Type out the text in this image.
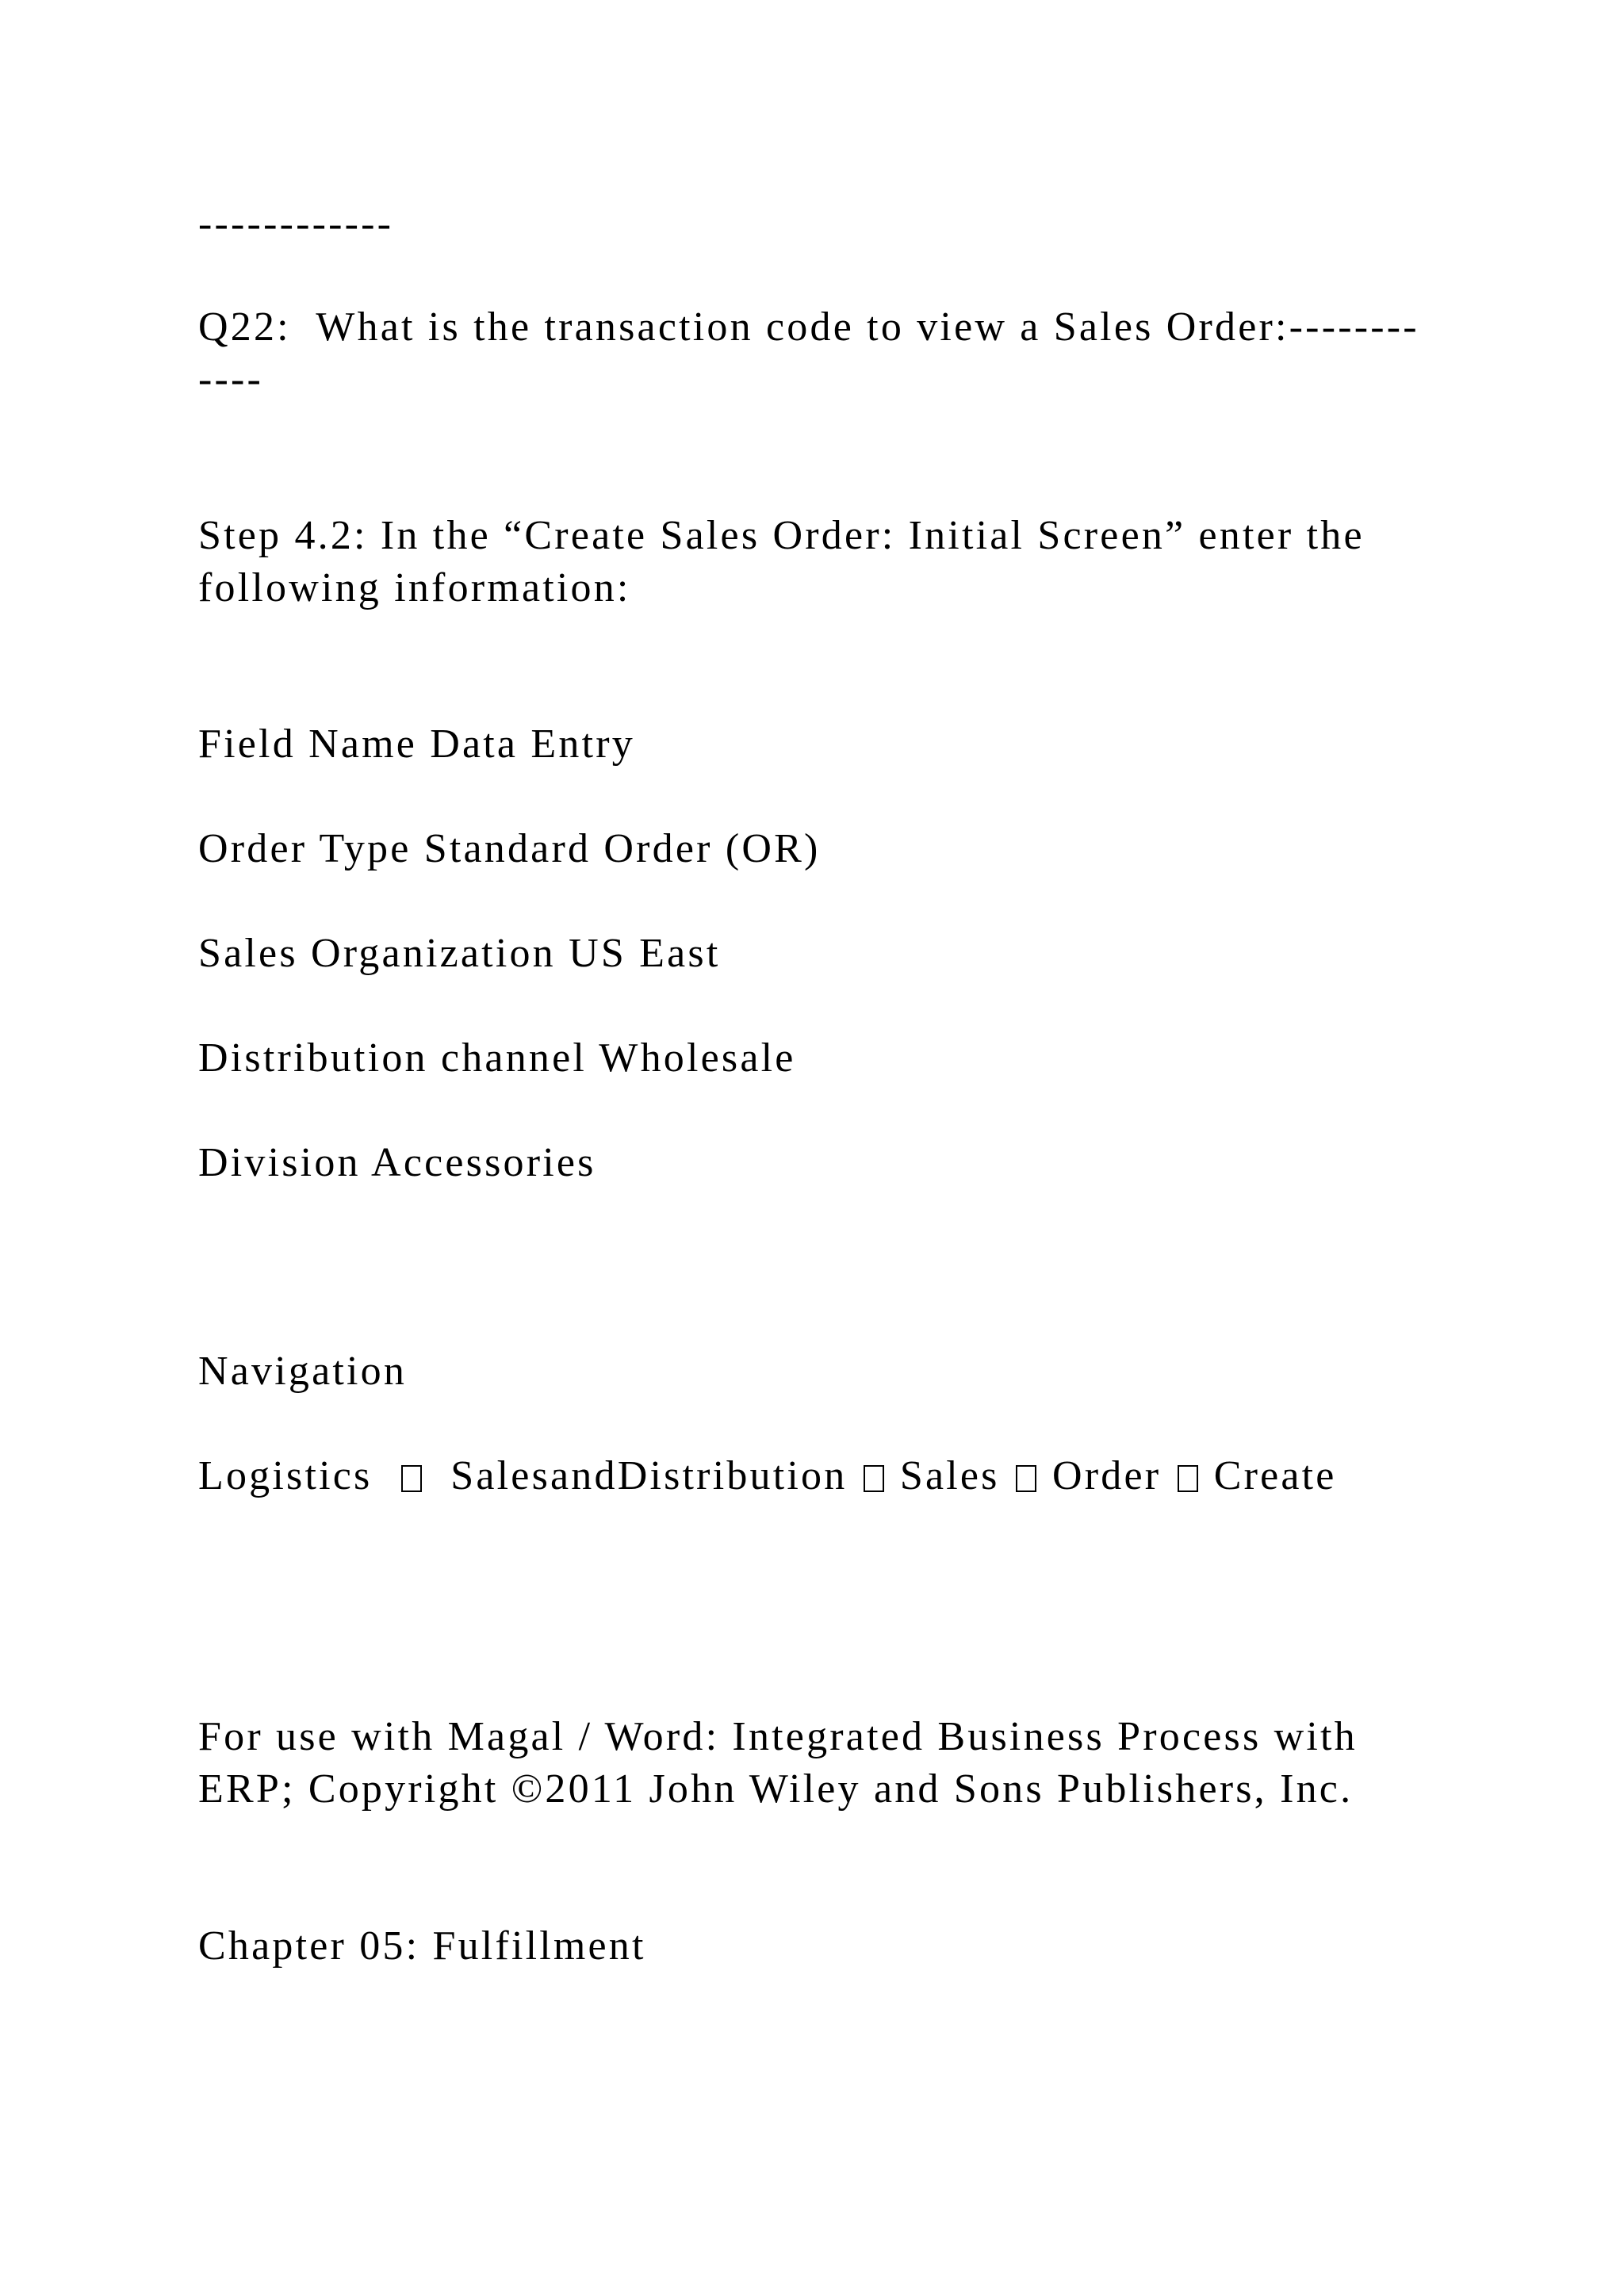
------------

Q22:  What is the transaction code to view a Sales Order:--------

----

Step 4.2: In the “Create Sales Order: Initial Screen” enter the

following information:

Field Name Data Entry

Order Type Standard Order (OR)

Sales Organization US East

Distribution channel Wholesale

Division Accessories

Navigation

Logistics    SalesandDistribution  Sales  Order  Create

For use with Magal / Word: Integrated Business Process with

ERP; Copyright ©2011 John Wiley and Sons Publishers, Inc.

Chapter 05: Fulfillment
